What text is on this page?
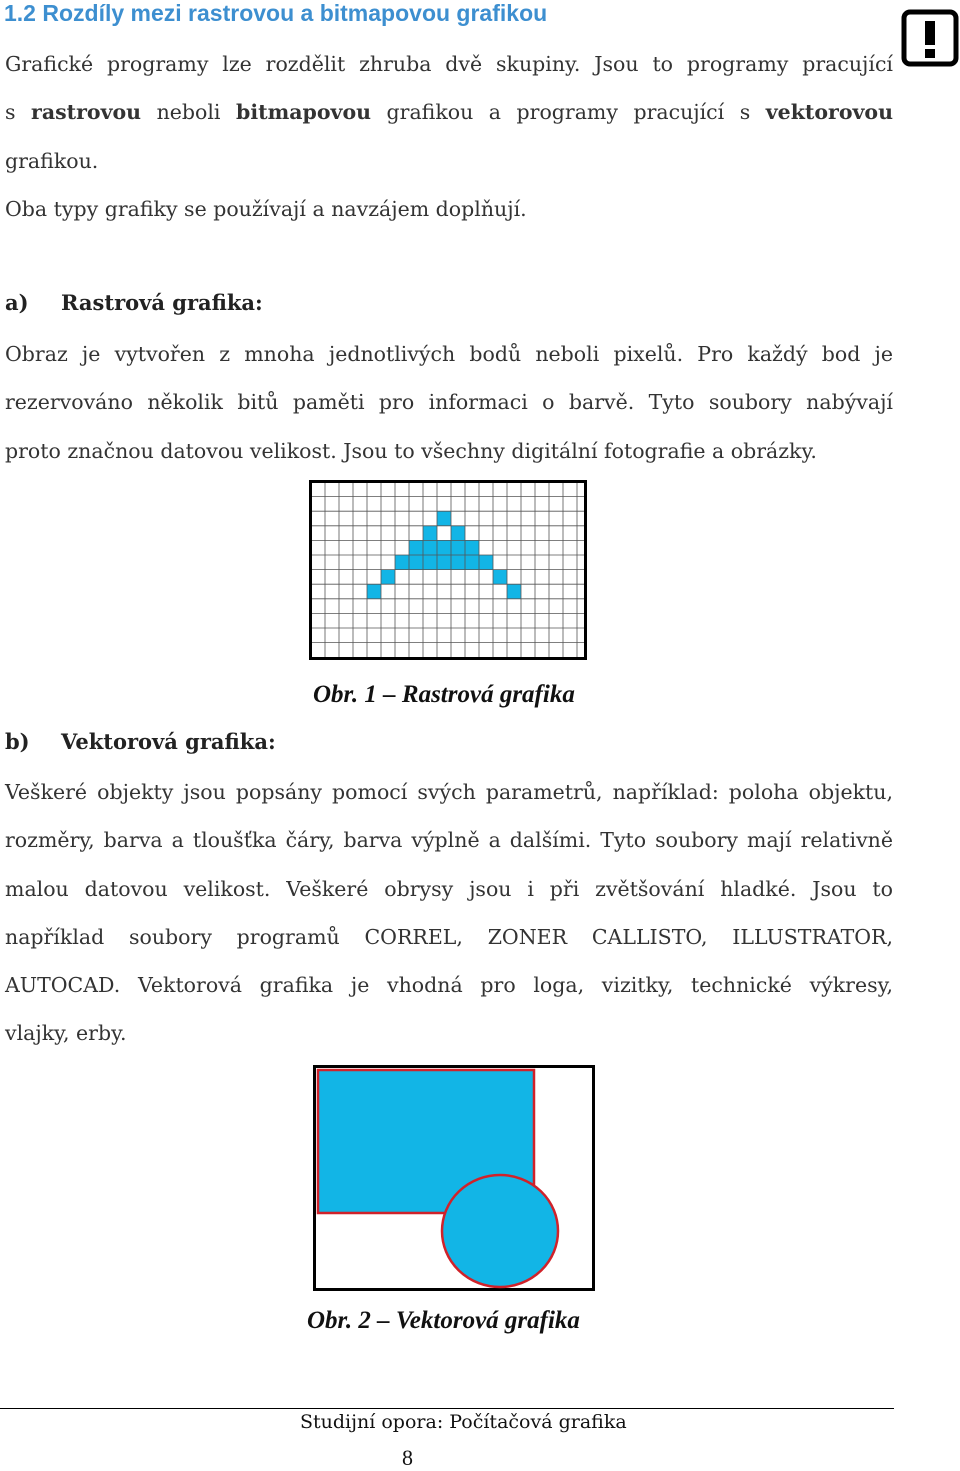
1.2 Rozdíly mezi rastrovou a bitmapovou grafikou
Grafické programy lze rozdělit zhruba dvě skupiny. Jsou to programy pracující
s rastrovou neboli bitmapovou grafikou a programy pracující s vektorovou
grafikou.
Oba typy grafiky se používají a navzájem doplňují.
a) Rastrová grafika:
Obraz je vytvořen z mnoha jednotlivých bodů neboli pixelů. Pro každý bod je
rezervováno několik bitů paměti pro informaci o barvě. Tyto soubory nabývají
proto značnou datovou velikost. Jsou to všechny digitální fotografie a obrázky.
Obr. 1 – Rastrová grafika
b) Vektorová grafika:
Veškeré objekty jsou popsány pomocí svých parametrů, například: poloha objektu,
rozměry, barva a tloušťka čáry, barva výplně a dalšími. Tyto soubory mají relativně
malou datovou velikost. Veškeré obrysy jsou i při zvětšování hladké. Jsou to
například soubory programů CORREL, ZONER CALLISTO, ILLUSTRATOR,
AUTOCAD. Vektorová grafika je vhodná pro loga, vizitky, technické výkresy,
vlajky, erby.
Obr. 2 – Vektorová grafika
Studijní opora: Počítačová grafika
8
